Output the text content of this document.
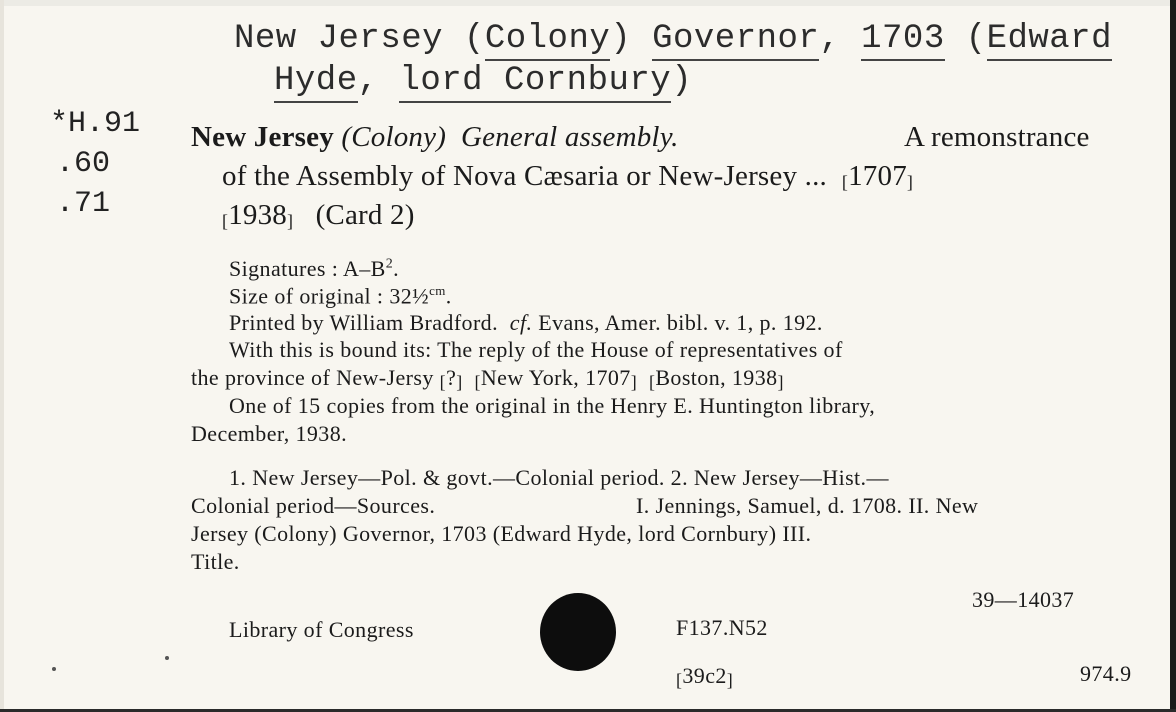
New Jersey (Colony) Governor, 1703 (Edward
Hyde, lord Cornbury)
*H.91
.60
.71
New Jersey (Colony) General assembly.	A remonstrance
of the Assembly of Nova Cæsaria or New-Jersey ... [1707]
[1938] (Card 2)
Signatures : $A-B^2$.
Size of original : 32½$^{cm}$.
Printed by William Bradford. cf. Evans, Amer. bibl. v. 1, p. 192.
With this is bound its: The reply of the House of representatives of
the province of New-Jersy [?] [New York, 1707] [Boston, 1938]
One of 15 copies from the original in the Henry E. Huntington library,
December, 1938.
1. New Jersey—Pol. & govt.—Colonial period. 2. New Jersey—Hist.—
Colonial period—Sources.	I. Jennings, Samuel, d. 1708. II. New
Jersey (Colony) Governor, 1703 (Edward Hyde, lord Cornbury) III.
Title.
39—14037
Library of Congress	F137.N52
[39c2]	974.9
